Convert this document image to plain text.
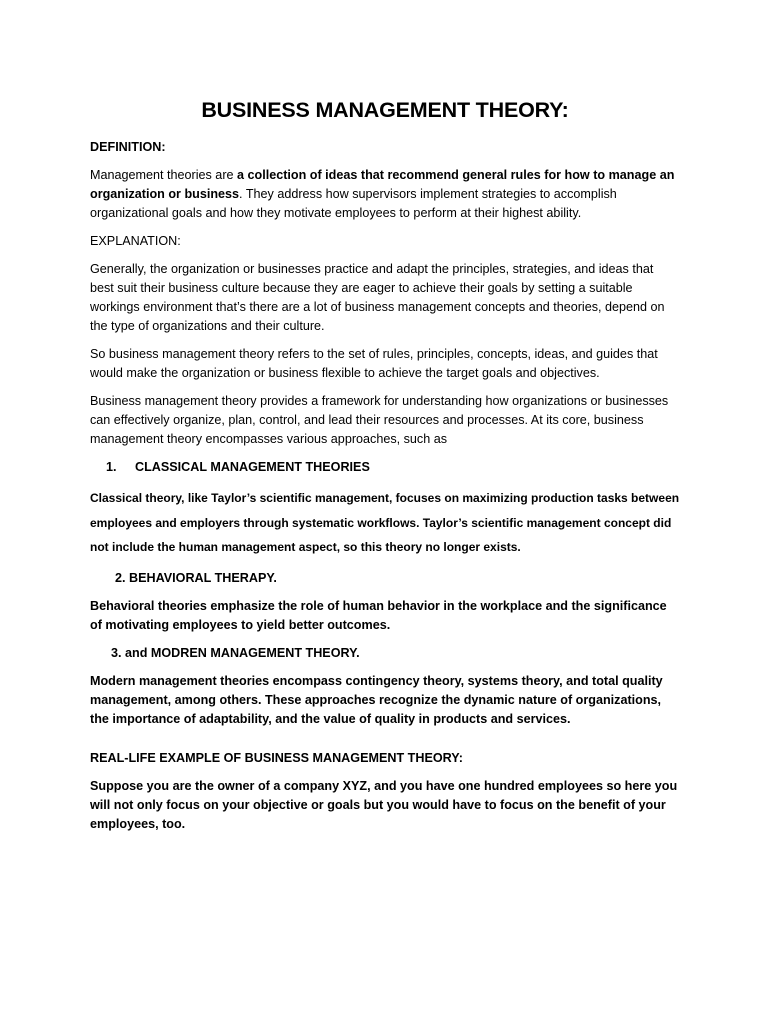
BUSINESS MANAGEMENT THEORY:

DEFINITION:

Management theories are a collection of ideas that recommend general rules for how to manage an organization or business. They address how supervisors implement strategies to accomplish organizational goals and how they motivate employees to perform at their highest ability.

EXPLANATION:

Generally, the organization or businesses practice and adapt the principles, strategies, and ideas that best suit their business culture because they are eager to achieve their goals by setting a suitable workings environment that’s there are a lot of business management concepts and theories, depend on the type of organizations and their culture.

So business management theory refers to the set of rules, principles, concepts, ideas, and guides that would make the organization or business flexible to achieve the target goals and objectives.

Business management theory provides a framework for understanding how organizations or businesses can effectively organize, plan, control, and lead their resources and processes. At its core, business management theory encompasses various approaches, such as

1. CLASSICAL MANAGEMENT THEORIES

Classical theory, like Taylor’s scientific management, focuses on maximizing production tasks between employees and employers through systematic workflows. Taylor’s scientific management concept did not include the human management aspect, so this theory no longer exists.

2. BEHAVIORAL THERAPY.

Behavioral theories emphasize the role of human behavior in the workplace and the significance of motivating employees to yield better outcomes.

3. and MODREN MANAGEMENT THEORY.

Modern management theories encompass contingency theory, systems theory, and total quality management, among others. These approaches recognize the dynamic nature of organizations, the importance of adaptability, and the value of quality in products and services.

REAL-LIFE EXAMPLE OF BUSINESS MANAGEMENT THEORY:

Suppose you are the owner of a company XYZ, and you have one hundred employees so here you will not only focus on your objective or goals but you would have to focus on the benefit of your employees, too.
